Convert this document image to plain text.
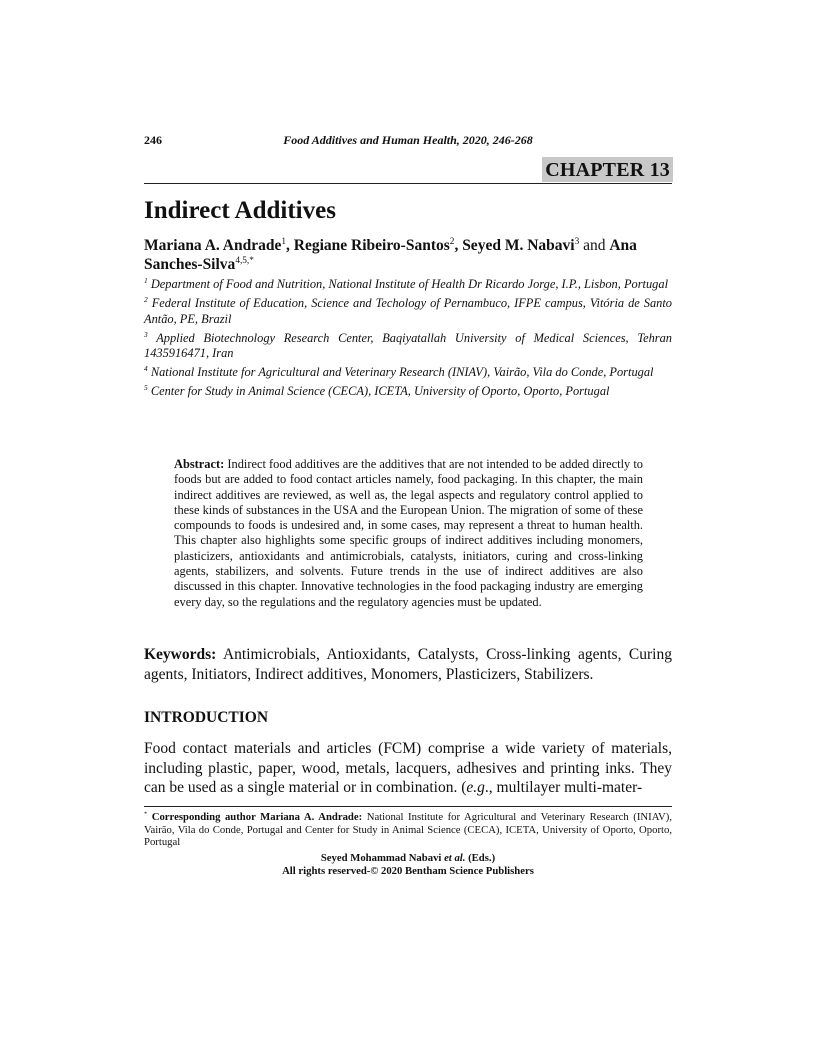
246	Food Additives and Human Health, 2020, 246-268
CHAPTER 13
Indirect Additives
Mariana A. Andrade$^1$, Regiane Ribeiro-Santos$^2$, Seyed M. Nabavi$^3$ and Ana Sanches-Silva$^{4,5,*}$
$^1$ Department of Food and Nutrition, National Institute of Health Dr Ricardo Jorge, I.P., Lisbon, Portugal
$^2$ Federal Institute of Education, Science and Techology of Pernambuco, IFPE campus, Vitória de Santo Antão, PE, Brazil
$^3$ Applied Biotechnology Research Center, Baqiyatallah University of Medical Sciences, Tehran 1435916471, Iran
$^4$ National Institute for Agricultural and Veterinary Research (INIAV), Vairão, Vila do Conde, Portugal
$^5$ Center for Study in Animal Science (CECA), ICETA, University of Oporto, Oporto, Portugal
Abstract: Indirect food additives are the additives that are not intended to be added directly to foods but are added to food contact articles namely, food packaging. In this chapter, the main indirect additives are reviewed, as well as, the legal aspects and regulatory control applied to these kinds of substances in the USA and the European Union. The migration of some of these compounds to foods is undesired and, in some cases, may represent a threat to human health. This chapter also highlights some specific groups of indirect additives including monomers, plasticizers, antioxidants and antimicrobials, catalysts, initiators, curing and cross-linking agents, stabilizers, and solvents. Future trends in the use of indirect additives are also discussed in this chapter. Innovative technologies in the food packaging industry are emerging every day, so the regulations and the regulatory agencies must be updated.
Keywords: Antimicrobials, Antioxidants, Catalysts, Cross-linking agents, Curing agents, Initiators, Indirect additives, Monomers, Plasticizers, Stabilizers.
INTRODUCTION
Food contact materials and articles (FCM) comprise a wide variety of materials, including plastic, paper, wood, metals, lacquers, adhesives and printing inks. They can be used as a single material or in combination. (e.g., multilayer multi-mater-
* Corresponding author Mariana A. Andrade: National Institute for Agricultural and Veterinary Research (INIAV), Vairão, Vila do Conde, Portugal and Center for Study in Animal Science (CECA), ICETA, University of Oporto, Oporto, Portugal
Seyed Mohammad Nabavi et al. (Eds.)
All rights reserved-© 2020 Bentham Science Publishers
